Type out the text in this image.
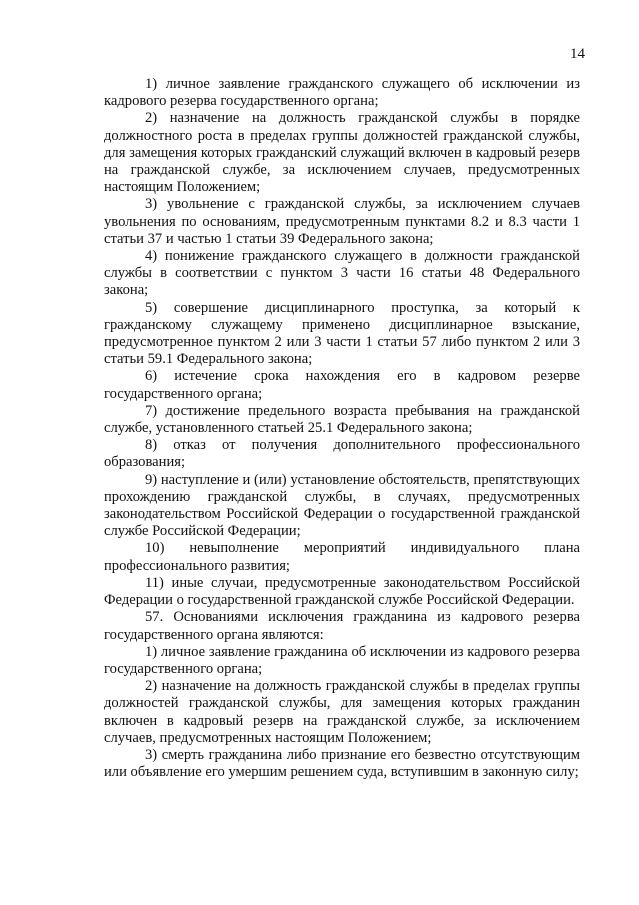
14

1) личное заявление гражданского служащего об исключении из кадрового резерва государственного органа;

2) назначение на должность гражданской службы в порядке должностного роста в пределах группы должностей гражданской службы, для замещения которых гражданский служащий включен в кадровый резерв на гражданской службе, за исключением случаев, предусмотренных настоящим Положением;

3) увольнение с гражданской службы, за исключением случаев увольнения по основаниям, предусмотренным пунктами 8.2 и 8.3 части 1 статьи 37 и частью 1 статьи 39 Федерального закона;

4) понижение гражданского служащего в должности гражданской службы в соответствии с пунктом 3 части 16 статьи 48 Федерального закона;

5) совершение дисциплинарного проступка, за который к гражданскому служащему применено дисциплинарное взыскание, предусмотренное пунктом 2 или 3 части 1 статьи 57 либо пунктом 2 или 3 статьи 59.1 Федерального закона;

6) истечение срока нахождения его в кадровом резерве государственного органа;

7) достижение предельного возраста пребывания на гражданской службе, установленного статьей 25.1 Федерального закона;

8) отказ от получения дополнительного профессионального образования;

9) наступление и (или) установление обстоятельств, препятствующих прохождению гражданской службы, в случаях, предусмотренных законодательством Российской Федерации о государственной гражданской службе Российской Федерации;

10) невыполнение мероприятий индивидуального плана профессионального развития;

11) иные случаи, предусмотренные законодательством Российской Федерации о государственной гражданской службе Российской Федерации.

57. Основаниями исключения гражданина из кадрового резерва государственного органа являются:

1) личное заявление гражданина об исключении из кадрового резерва государственного органа;

2) назначение на должность гражданской службы в пределах группы должностей гражданской службы, для замещения которых гражданин включен в кадровый резерв на гражданской службе, за исключением случаев, предусмотренных настоящим Положением;

3) смерть гражданина либо признание его безвестно отсутствующим или объявление его умершим решением суда, вступившим в законную силу;
